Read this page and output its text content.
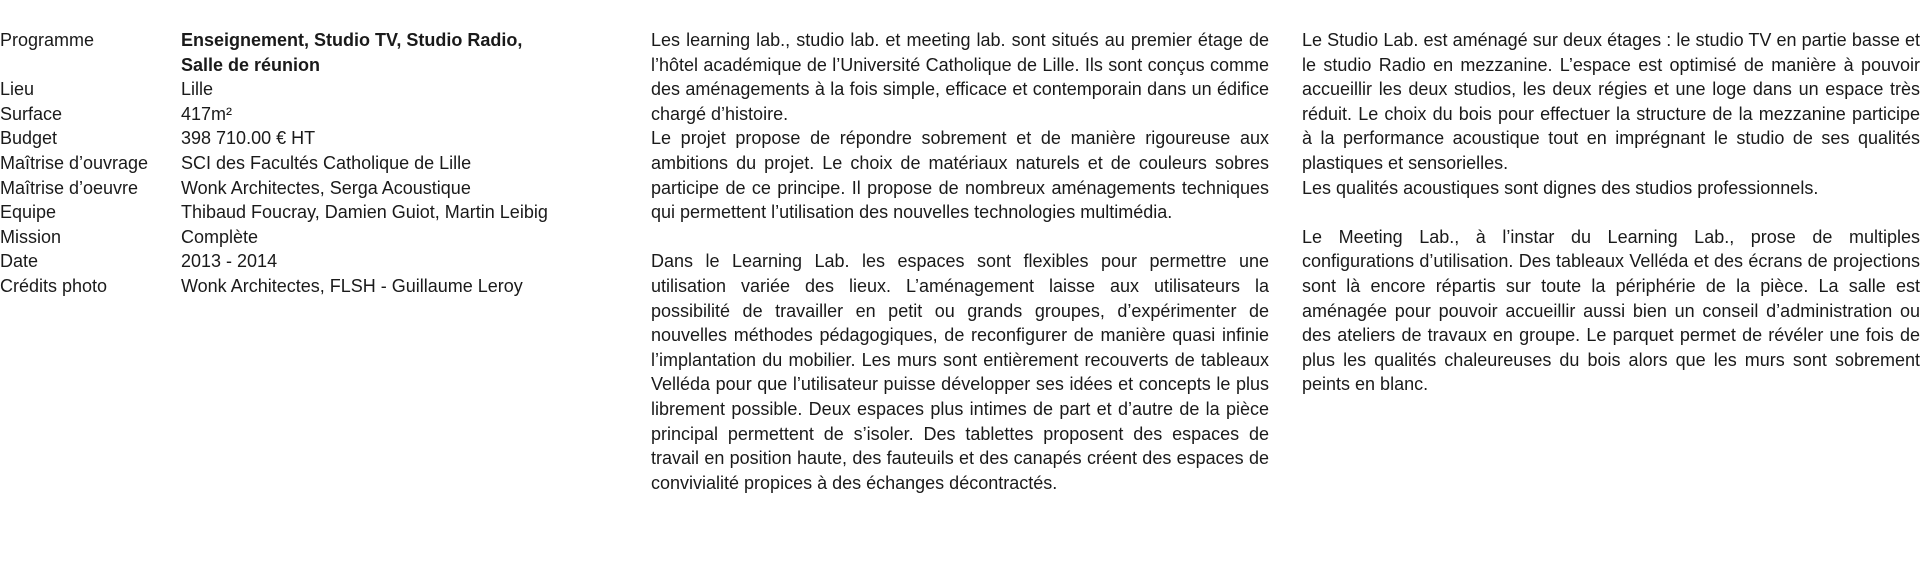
Programme	Enseignement, Studio TV, Studio Radio,
Salle de réunion
Lieu	Lille
Surface	417m²
Budget	398 710.00 € HT
Maîtrise d’ouvrage	SCI des Facultés Catholique de Lille
Maîtrise d’oeuvre	Wonk Architectes, Serga Acoustique
Equipe	Thibaud Foucray, Damien Guiot, Martin Leibig
Mission	Complète
Date	2013 - 2014
Crédits photo	Wonk Architectes, FLSH - Guillaume Leroy

Les learning lab., studio lab. et meeting lab. sont situés au premier étage de l’hôtel académique de l’Université Catholique de Lille. Ils sont conçus comme des aménagements à la fois simple, efficace et contemporain dans un édifice chargé d’histoire.

Le projet propose de répondre sobrement et de manière rigoureuse aux ambitions du projet. Le choix de matériaux naturels et de couleurs sobres participe de ce principe. Il propose de nombreux aménagements techniques qui permettent l’utilisation des nouvelles technologies multimédia.

Dans le Learning Lab. les espaces sont flexibles pour permettre une utilisation variée des lieux. L’aménagement laisse aux utilisateurs la possibilité de travailler en petit ou grands groupes, d’expérimenter de nouvelles méthodes pédagogiques, de reconfigurer de manière quasi infinie l’implantation du mobilier. Les murs sont entièrement recouverts de tableaux Velléda pour que l’utilisateur puisse développer ses idées et concepts le plus librement possible. Deux espaces plus intimes de part et d’autre de la pièce principal permettent de s’isoler. Des tablettes proposent des espaces de travail en position haute, des fauteuils et des canapés créent des espaces de convivialité propices à des échanges décontractés.

Le Studio Lab. est aménagé sur deux étages : le studio TV en partie basse et le studio Radio en mezzanine. L’espace est optimisé de manière à pouvoir accueillir les deux studios, les deux régies et une loge dans un espace très réduit. Le choix du bois pour effectuer la structure de la mezzanine participe à la performance acoustique tout en imprégnant le studio de ses qualités plastiques et sensorielles.

Les qualités acoustiques sont dignes des studios professionnels.

Le Meeting Lab., à l’instar du Learning Lab., prose de multiples configurations d’utilisation. Des tableaux Velléda et des écrans de projections sont là encore répartis sur toute la périphérie de la pièce. La salle est aménagée pour pouvoir accueillir aussi bien un conseil d’administration ou des ateliers de travaux en groupe. Le parquet permet de révéler une fois de plus les qualités chaleureuses du bois alors que les murs sont sobrement peints en blanc.
